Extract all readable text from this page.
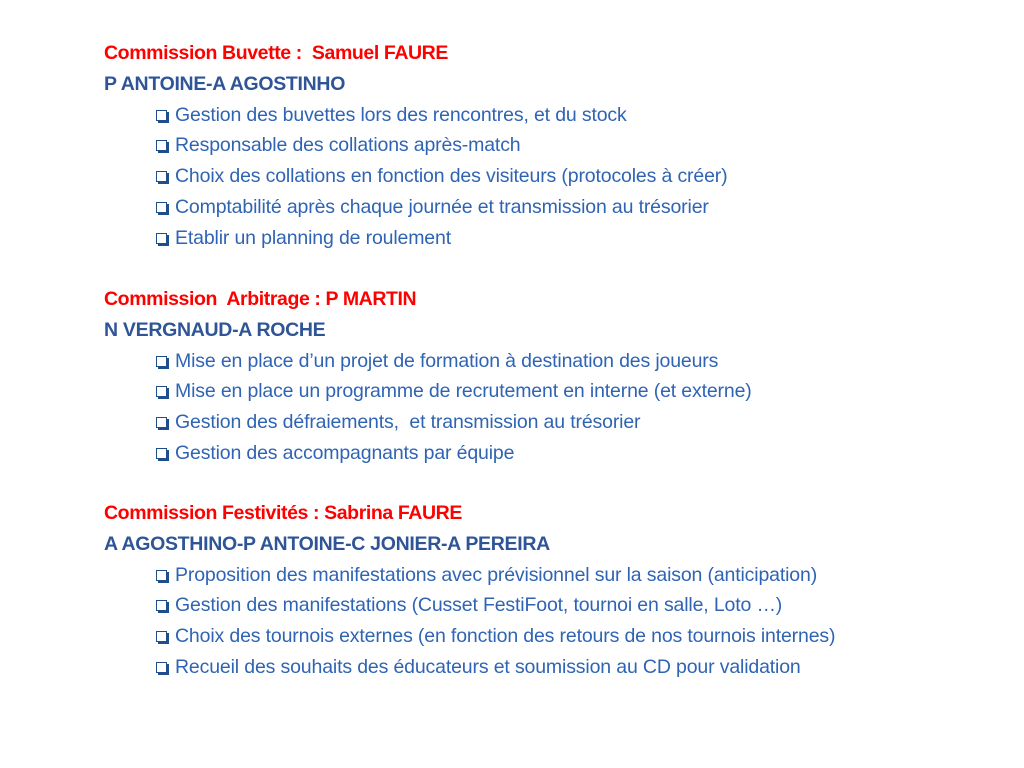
Commission Buvette :  Samuel FAURE
P ANTOINE-A AGOSTINHO
Gestion des buvettes lors des rencontres, et du stock
Responsable des collations après-match
Choix des collations en fonction des visiteurs (protocoles à créer)
Comptabilité après chaque journée et transmission au trésorier
Etablir un planning de roulement
Commission  Arbitrage : P MARTIN
N VERGNAUD-A ROCHE
Mise en place d’un projet de formation à destination des joueurs
Mise en place un programme de recrutement en interne (et externe)
Gestion des défraiements,  et transmission au trésorier
Gestion des accompagnants par équipe
Commission Festivités : Sabrina FAURE
A AGOSTHINO-P ANTOINE-C JONIER-A PEREIRA
Proposition des manifestations avec prévisionnel sur la saison (anticipation)
Gestion des manifestations (Cusset FestiFoot, tournoi en salle, Loto …)
Choix des tournois externes (en fonction des retours de nos tournois internes)
Recueil des souhaits des éducateurs et soumission au CD pour validation
